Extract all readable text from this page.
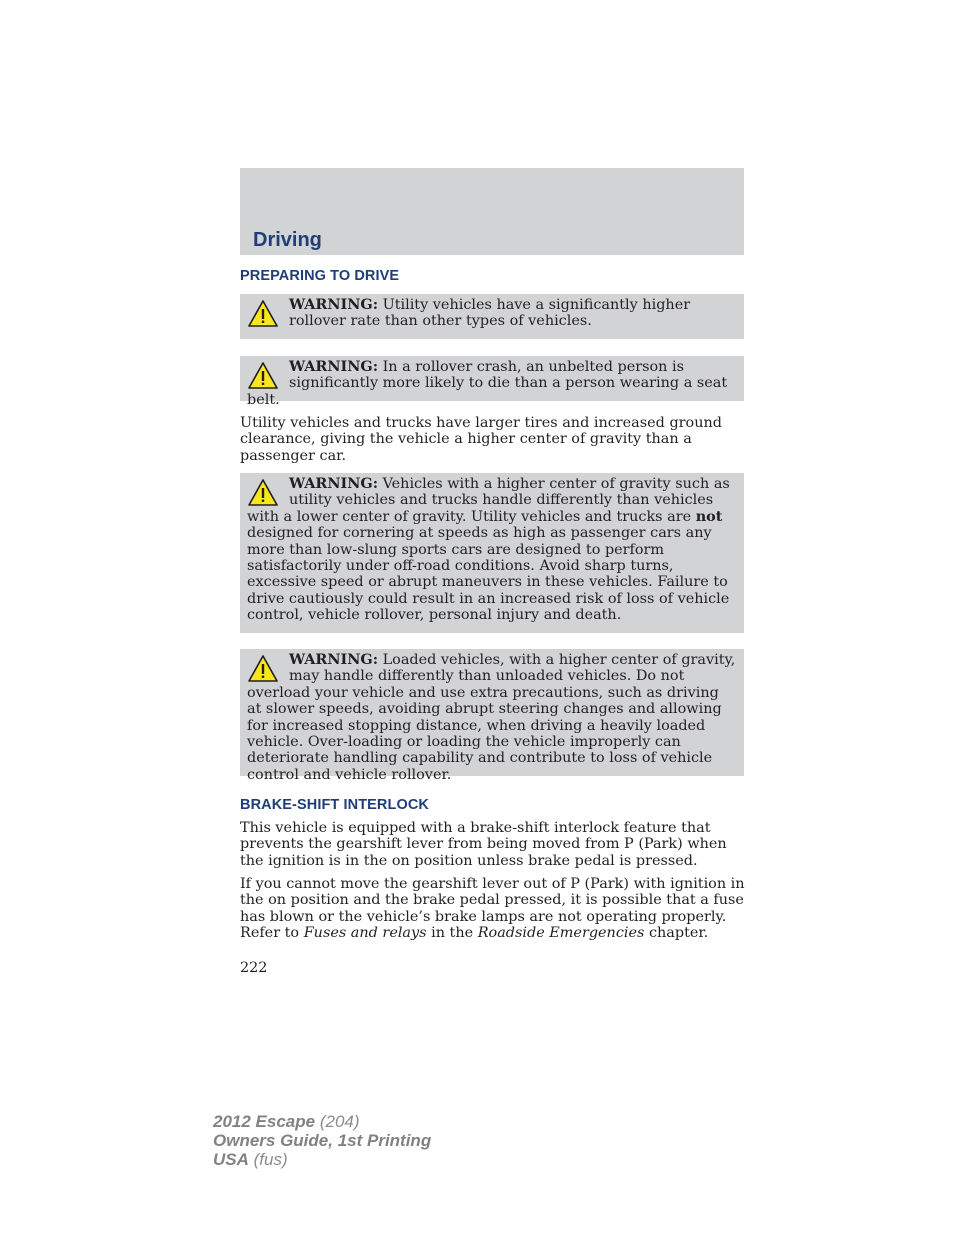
Driving
PREPARING TO DRIVE
WARNING: Utility vehicles have a significantly higher rollover rate than other types of vehicles.
WARNING: In a rollover crash, an unbelted person is significantly more likely to die than a person wearing a seat belt.

Utility vehicles and trucks have larger tires and increased ground clearance, giving the vehicle a higher center of gravity than a passenger car.

WARNING: Vehicles with a higher center of gravity such as utility vehicles and trucks handle differently than vehicles with a lower center of gravity. Utility vehicles and trucks are not designed for cornering at speeds as high as passenger cars any more than low-slung sports cars are designed to perform satisfactorily under off-road conditions. Avoid sharp turns, excessive speed or abrupt maneuvers in these vehicles. Failure to drive cautiously could result in an increased risk of loss of vehicle control, vehicle rollover, personal injury and death.
WARNING: Loaded vehicles, with a higher center of gravity, may handle differently than unloaded vehicles. Do not overload your vehicle and use extra precautions, such as driving at slower speeds, avoiding abrupt steering changes and allowing for increased stopping distance, when driving a heavily loaded vehicle. Over-loading or loading the vehicle improperly can deteriorate handling capability and contribute to loss of vehicle control and vehicle rollover.
BRAKE-SHIFT INTERLOCK

This vehicle is equipped with a brake-shift interlock feature that prevents the gearshift lever from being moved from P (Park) when the ignition is in the on position unless brake pedal is pressed.

If you cannot move the gearshift lever out of P (Park) with ignition in the on position and the brake pedal pressed, it is possible that a fuse has blown or the vehicle’s brake lamps are not operating properly. Refer to Fuses and relays in the Roadside Emergencies chapter.

222
2012 Escape (204)
Owners Guide, 1st Printing
USA (fus)
